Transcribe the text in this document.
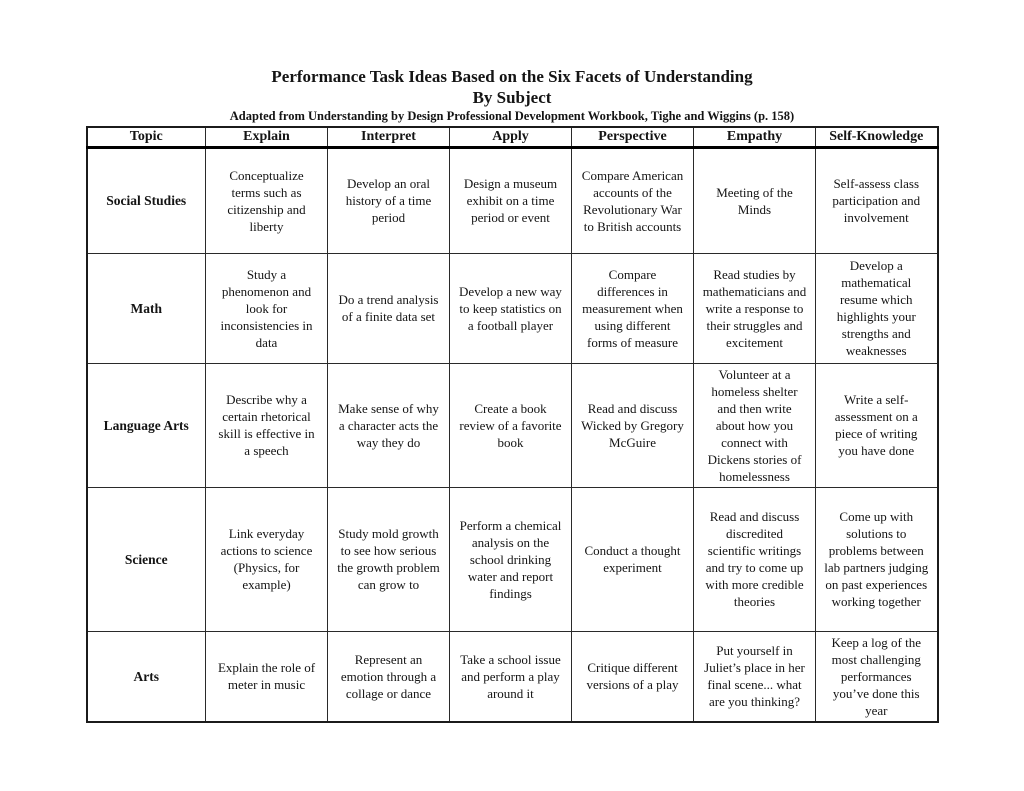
Performance Task Ideas Based on the Six Facets of Understanding
By Subject
Adapted from Understanding by Design Professional Development Workbook, Tighe and Wiggins (p. 158)
Topic	Explain	Interpret	Apply	Perspective	Empathy	Self-Knowledge
Social Studies	Conceptualize terms such as citizenship and liberty	Develop an oral history of a time period	Design a museum exhibit on a time period or event	Compare American accounts of the Revolutionary War to British accounts	Meeting of the Minds	Self-assess class participation and involvement
Math	Study a phenomenon and look for inconsistencies in data	Do a trend analysis of a finite data set	Develop a new way to keep statistics on a football player	Compare differences in measurement when using different forms of measure	Read studies by mathematicians and write a response to their struggles and excitement	Develop a mathematical resume which highlights your strengths and weaknesses
Language Arts	Describe why a certain rhetorical skill is effective in a speech	Make sense of why a character acts the way they do	Create a book review of a favorite book	Read and discuss Wicked by Gregory McGuire	Volunteer at a homeless shelter and then write about how you connect with Dickens stories of homelessness	Write a self-assessment on a piece of writing you have done
Science	Link everyday actions to science (Physics, for example)	Study mold growth to see how serious the growth problem can grow to	Perform a chemical analysis on the school drinking water and report findings	Conduct a thought experiment	Read and discuss discredited scientific writings and try to come up with more credible theories	Come up with solutions to problems between lab partners judging on past experiences working together
Arts	Explain the role of meter in music	Represent an emotion through a collage or dance	Take a school issue and perform a play around it	Critique different versions of a play	Put yourself in Juliet’s place in her final scene... what are you thinking?	Keep a log of the most challenging performances you’ve done this year
